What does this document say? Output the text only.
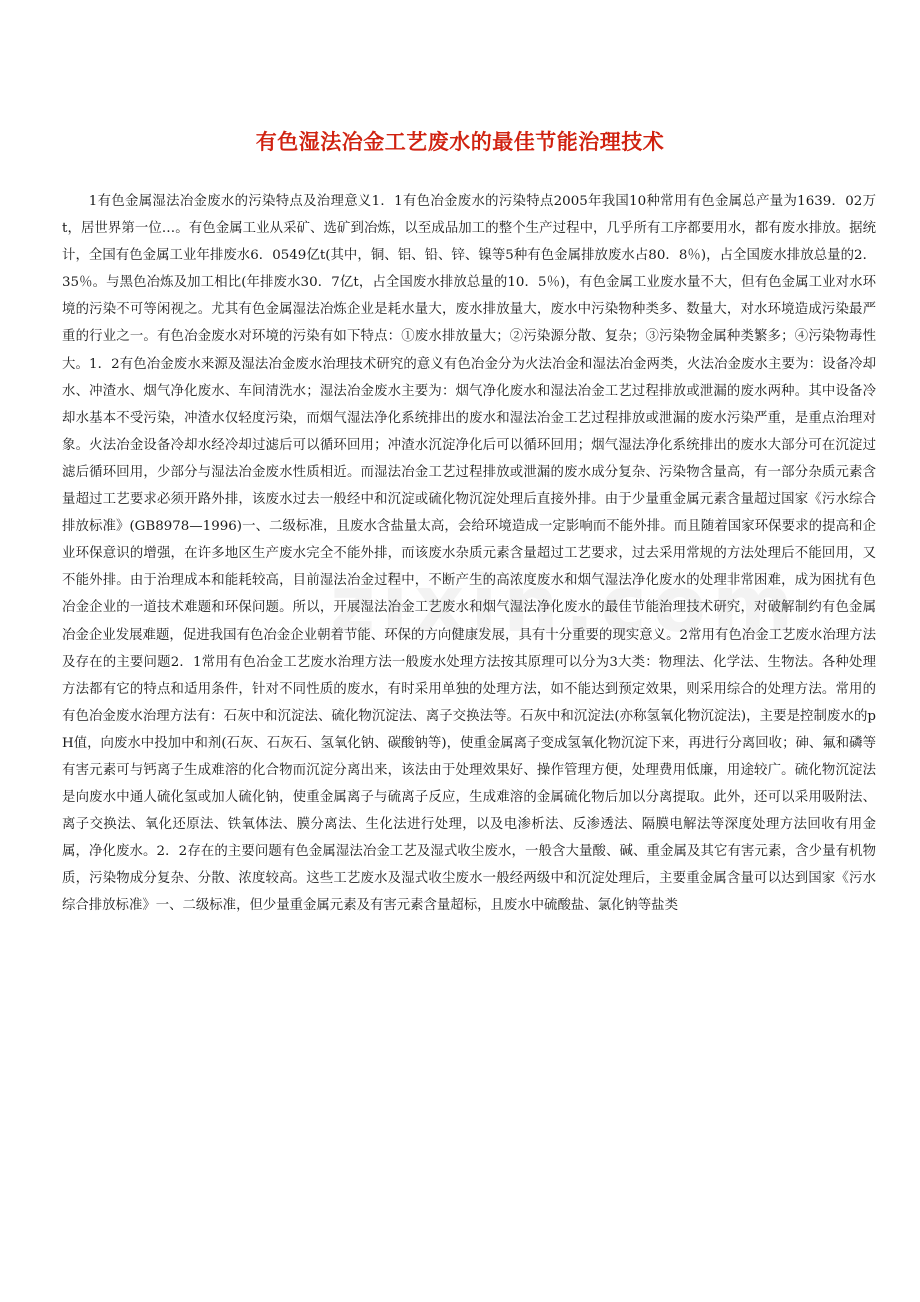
有色湿法冶金工艺废水的最佳节能治理技术

1有色金属湿法冶金废水的污染特点及治理意义1．1有色冶金废水的污染特点2005年我国10种常用有色金属总产量为1639．02万t，居世界第一位…。有色金属工业从采矿、选矿到冶炼，以至成品加工的整个生产过程中，几乎所有工序都要用水，都有废水排放。据统计，全国有色金属工业年排废水6．0549亿t(其中，铜、铝、铅、锌、镍等5种有色金属排放废水占80．8％)，占全国废水排放总量的2．35％。与黑色冶炼及加工相比(年排废水30．7亿t，占全国废水排放总量的10．5％)，有色金属工业废水量不大，但有色金属工业对水环境的污染不可等闲视之。尤其有色金属湿法冶炼企业是耗水量大，废水排放量大，废水中污染物种类多、数量大，对水环境造成污染最严重的行业之一。有色冶金废水对环境的污染有如下特点：①废水排放量大；②污染源分散、复杂；③污染物金属种类繁多；④污染物毒性大。1．2有色冶金废水来源及湿法冶金废水治理技术研究的意义有色冶金分为火法冶金和湿法冶金两类，火法冶金废水主要为：设备冷却水、冲渣水、烟气净化废水、车间清洗水；湿法冶金废水主要为：烟气净化废水和湿法冶金工艺过程排放或泄漏的废水两种。其中设备冷却水基本不受污染，冲渣水仅轻度污染，而烟气湿法净化系统排出的废水和湿法冶金工艺过程排放或泄漏的废水污染严重，是重点治理对象。火法冶金设备冷却水经冷却过滤后可以循环回用；冲渣水沉淀净化后可以循环回用；烟气湿法净化系统排出的废水大部分可在沉淀过滤后循环回用，少部分与湿法冶金废水性质相近。而湿法冶金工艺过程排放或泄漏的废水成分复杂、污染物含量高，有一部分杂质元素含量超过工艺要求必须开路外排，该废水过去一般经中和沉淀或硫化物沉淀处理后直接外排。由于少量重金属元素含量超过国家《污水综合排放标准》(GB8978—1996)一、二级标准，且废水含盐量太高，会给环境造成一定影响而不能外排。而且随着国家环保要求的提高和企业环保意识的增强，在许多地区生产废水完全不能外排，而该废水杂质元素含量超过工艺要求，过去采用常规的方法处理后不能回用，又不能外排。由于治理成本和能耗较高，目前湿法冶金过程中，不断产生的高浓度废水和烟气湿法净化废水的处理非常困难，成为困扰有色冶金企业的一道技术难题和环保问题。所以，开展湿法冶金工艺废水和烟气湿法净化废水的最佳节能治理技术研究，对破解制约有色金属冶金企业发展难题，促进我国有色冶金企业朝着节能、环保的方向健康发展，具有十分重要的现实意义。2常用有色冶金工艺废水治理方法及存在的主要问题2．1常用有色冶金工艺废水治理方法一般废水处理方法按其原理可以分为3大类：物理法、化学法、生物法。各种处理方法都有它的特点和适用条件，针对不同性质的废水，有时采用单独的处理方法，如不能达到预定效果，则采用综合的处理方法。常用的有色冶金废水治理方法有：石灰中和沉淀法、硫化物沉淀法、离子交换法等。石灰中和沉淀法(亦称氢氧化物沉淀法)，主要是控制废水的pH值，向废水中投加中和剂(石灰、石灰石、氢氧化钠、碳酸钠等)，使重金属离子变成氢氧化物沉淀下来，再进行分离回收；砷、氟和磷等有害元素可与钙离子生成难溶的化合物而沉淀分离出来，该法由于处理效果好、操作管理方便，处理费用低廉，用途较广。硫化物沉淀法是向废水中通人硫化氢或加人硫化钠，使重金属离子与硫离子反应，生成难溶的金属硫化物后加以分离提取。此外，还可以采用吸附法、离子交换法、氧化还原法、铁氧体法、膜分离法、生化法进行处理，以及电渗析法、反渗透法、隔膜电解法等深度处理方法回收有用金属，净化废水。2．2存在的主要问题有色金属湿法冶金工艺及湿式收尘废水，一般含大量酸、碱、重金属及其它有害元素，含少量有机物质，污染物成分复杂、分散、浓度较高。这些工艺废水及湿式收尘废水一般经两级中和沉淀处理后，主要重金属含量可以达到国家《污水综合排放标准》一、二级标准，但少量重金属元素及有害元素含量超标，且废水中硫酸盐、氯化钠等盐类
